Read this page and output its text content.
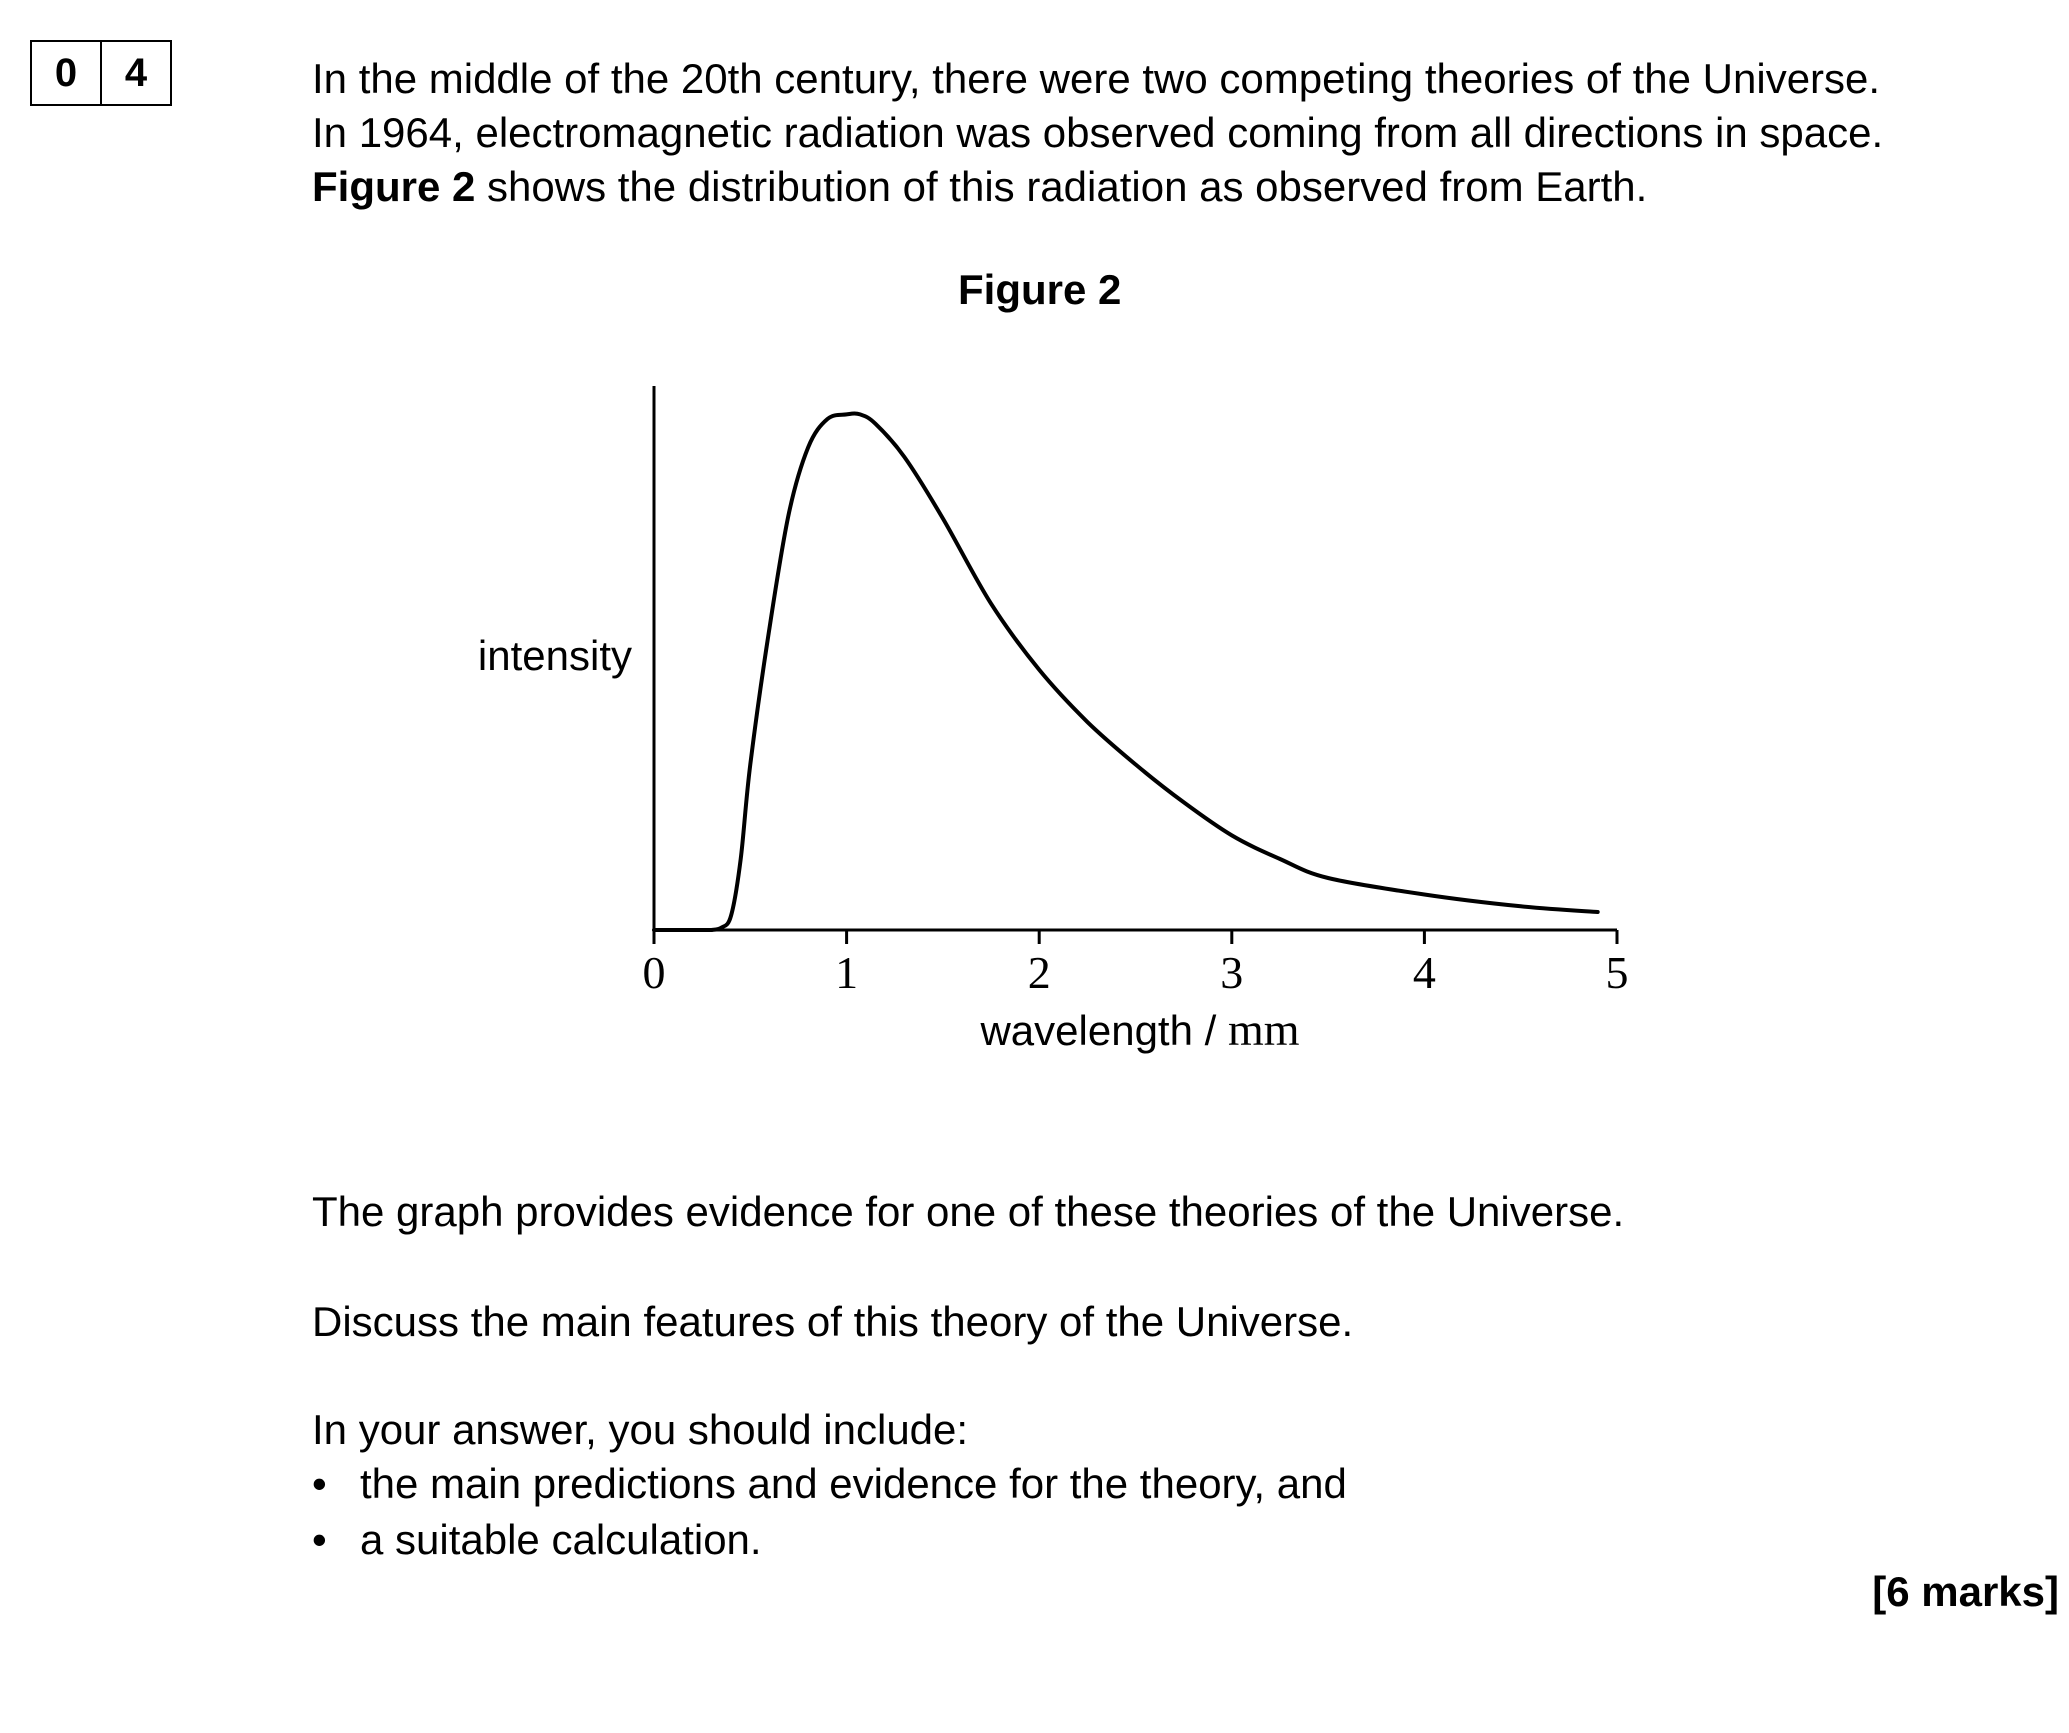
0	4	In the middle of the 20th century, there were two competing theories of the Universe.

In 1964, electromagnetic radiation was observed coming from all directions in space.

Figure 2 shows the distribution of this radiation as observed from Earth.

Figure 2
0	1	2	3	4	5
intensity
wavelength / mm
The graph provides evidence for one of these theories of the Universe.
Discuss the main features of this theory of the Universe.
In your answer, you should include:
• the main predictions and evidence for the theory, and
• a suitable calculation.
[6 marks]
